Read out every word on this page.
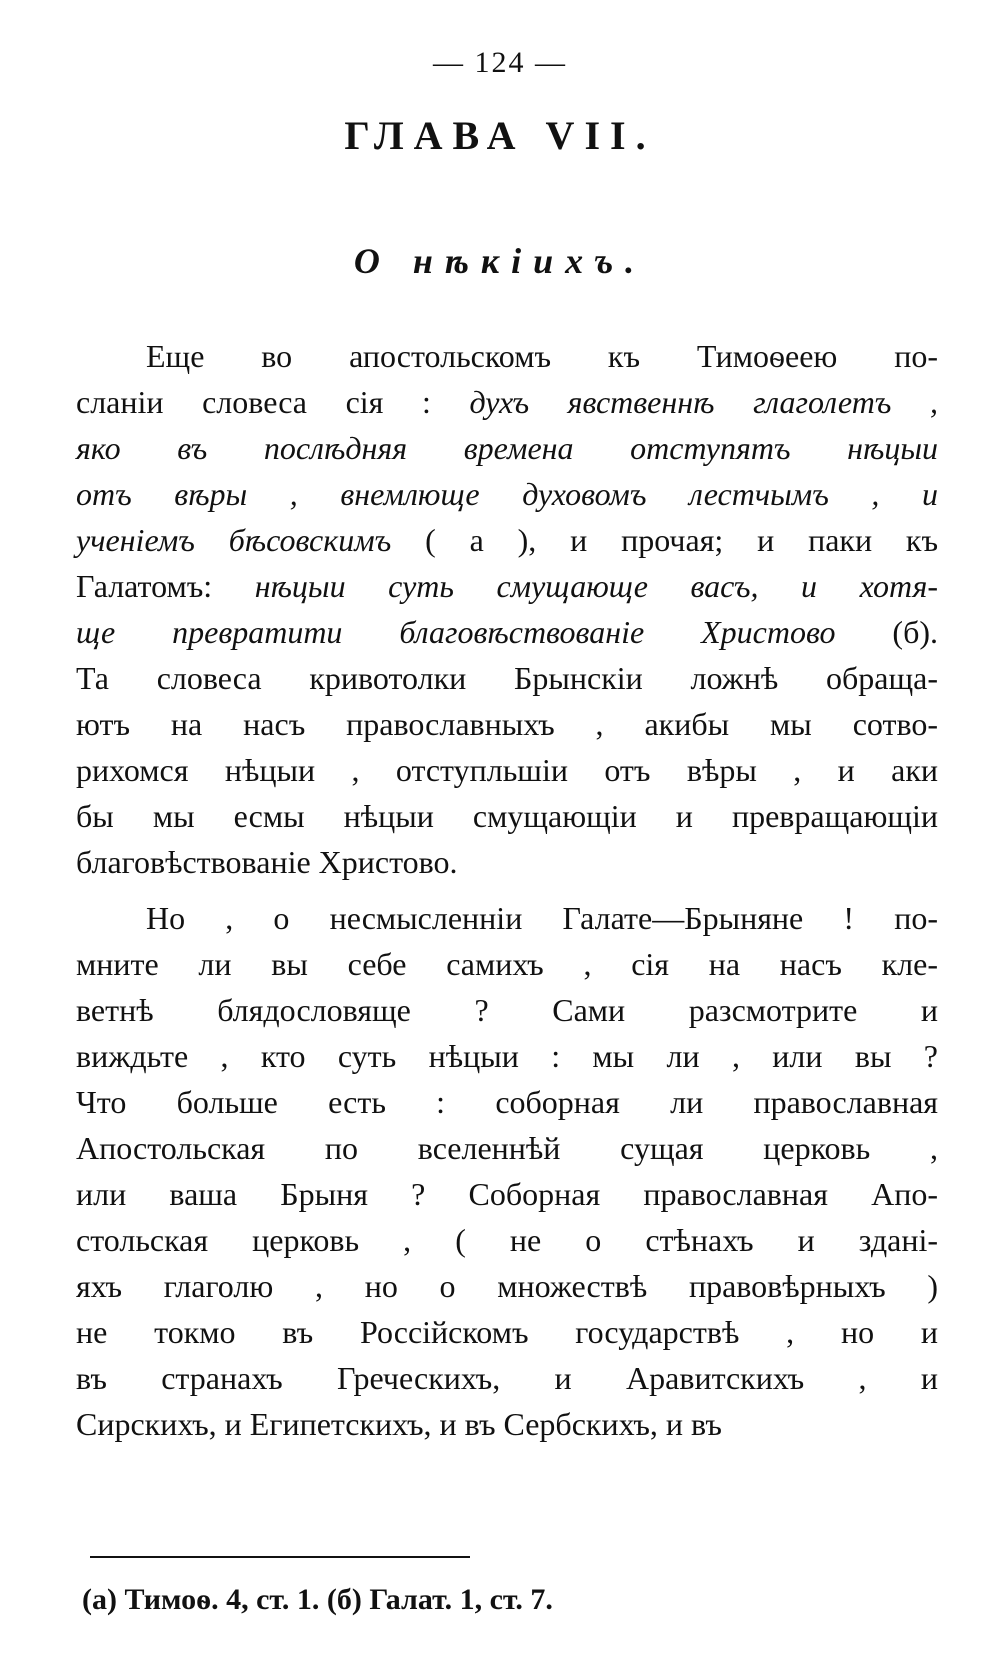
— 124 —
ГЛАВА VII.
О нѣкіихъ.
Еще во апостольскомъ къ Тимоѳеею по-
сланіи словеса сія : духъ явственнѣ глаголетъ ,
яко въ послѣдняя времена отступятъ нѣцыи
отъ вѣры , внемлюще духовомъ лестчымъ , и
ученіемъ бѣсовскимъ ( а ), и прочая; и паки къ
Галатомъ: нѣцыи суть смущающе васъ, и хотя-
ще превратити благовѣствованіе Христово (б).
Та словеса кривотолки Брынскіи ложнѣ обраща-
ютъ на насъ православныхъ , акибы мы сотво-
рихомся нѣцыи , отступльшіи отъ вѣры , и аки
бы мы есмы нѣцыи смущающіи и превращающіи
благовѣствованіе Христово.
Но , о несмысленніи Галате—Брыняне ! по-
мните ли вы себе самихъ , сія на насъ кле-
ветнѣ блядословяще ? Сами разсмотрите и
виждьте , кто суть нѣцыи : мы ли , или вы ?
Что больше есть : соборная ли православная
Апостольская по вселеннѣй сущая церковь ,
или ваша Брыня ? Соборная православная Апо-
стольская церковь , ( не о стѣнахъ и здані-
яхъ глаголю , но о множествѣ правовѣрныхъ )
не токмо въ Россійскомъ государствѣ , но и
въ странахъ Греческихъ, и Аравитскихъ , и
Сирскихъ, и Египетскихъ, и въ Сербскихъ, и въ
(а) Тимоѳ. 4, ст. 1. (б) Галат. 1, ст. 7.
